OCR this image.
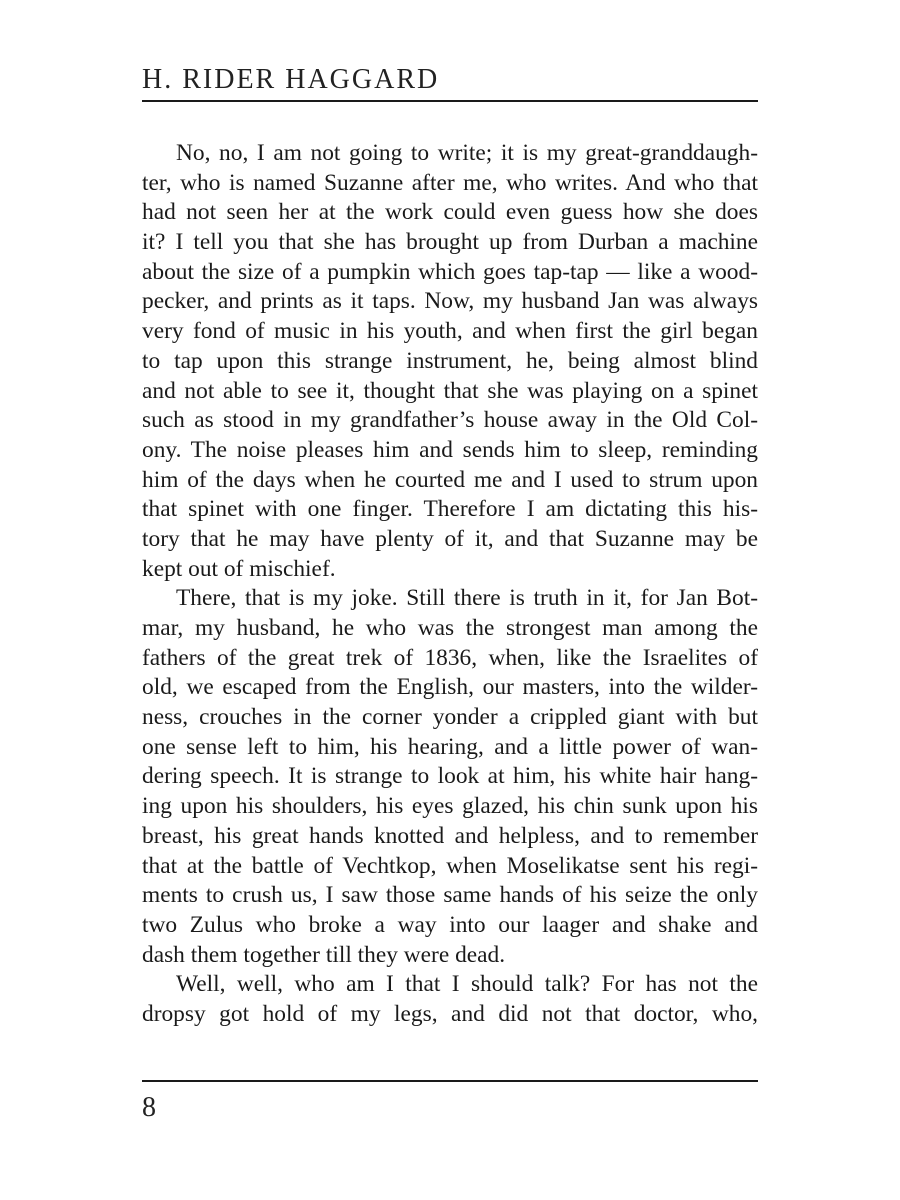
H. RIDER HAGGARD
No, no, I am not going to write; it is my great-granddaugh-
ter, who is named Suzanne after me, who writes. And who that
had not seen her at the work could even guess how she does
it? I tell you that she has brought up from Durban a machine
about the size of a pumpkin which goes tap-tap — like a wood-
pecker, and prints as it taps. Now, my husband Jan was always
very fond of music in his youth, and when first the girl began
to tap upon this strange instrument, he, being almost blind
and not able to see it, thought that she was playing on a spinet
such as stood in my grandfather’s house away in the Old Col-
ony. The noise pleases him and sends him to sleep, reminding
him of the days when he courted me and I used to strum upon
that spinet with one finger. Therefore I am dictating this his-
tory that he may have plenty of it, and that Suzanne may be
kept out of mischief.
There, that is my joke. Still there is truth in it, for Jan Bot-
mar, my husband, he who was the strongest man among the
fathers of the great trek of 1836, when, like the Israelites of
old, we escaped from the English, our masters, into the wilder-
ness, crouches in the corner yonder a crippled giant with but
one sense left to him, his hearing, and a little power of wan-
dering speech. It is strange to look at him, his white hair hang-
ing upon his shoulders, his eyes glazed, his chin sunk upon his
breast, his great hands knotted and helpless, and to remember
that at the battle of Vechtkop, when Moselikatse sent his regi-
ments to crush us, I saw those same hands of his seize the only
two Zulus who broke a way into our laager and shake and
dash them together till they were dead.
Well, well, who am I that I should talk? For has not the
dropsy got hold of my legs, and did not that doctor, who,
8
